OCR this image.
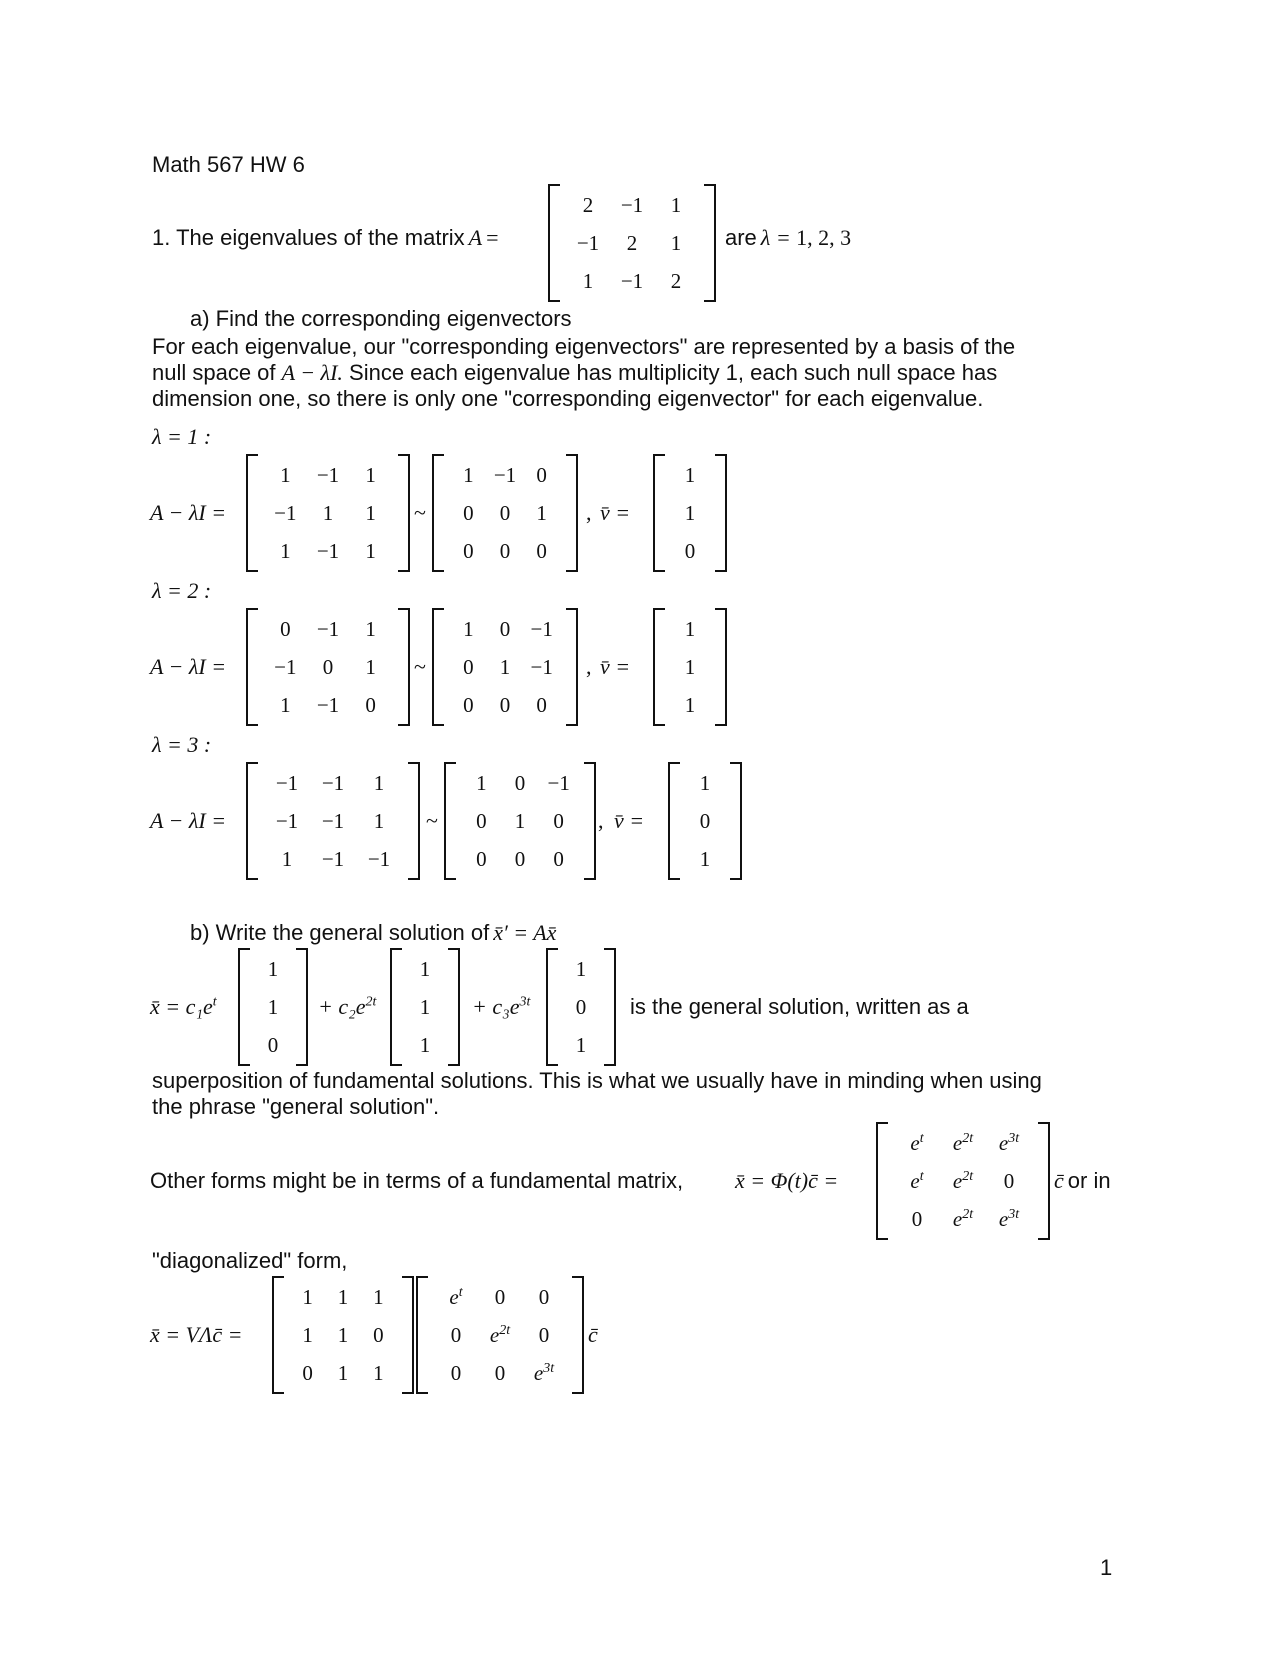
Math 567 HW 6
1. The eigenvalues of the matrix A =
2 −1 1
−1 2 1
1 −1 2
are λ = 1, 2, 3
a) Find the corresponding eigenvectors
For each eigenvalue, our "corresponding eigenvectors" are represented by a basis of the
null space of A − λI. Since each eigenvalue has multiplicity 1, each such null space has
dimension one, so there is only one "corresponding eigenvector" for each eigenvalue.
λ = 1 :
A − λI =
1 −1 1
−1 1 1
1 −1 1
~
1 −1 0
0 0 1
0 0 0
, v̄ =
1
1
0
λ = 2 :
A − λI =
0 −1 1
−1 0 1
1 −1 0
~
1 0 −1
0 1 −1
0 0 0
, v̄ =
1
1
1
λ = 3 :
A − λI =
−1 −1 1
−1 −1 1
1 −1 −1
~
1 0 −1
0 1 0
0 0 0
, v̄ =
1
0
1
b) Write the general solution of x̄′ = Ax̄
x̄ = $c_1e^t$
1
1
0
+ $c_2e^{2t}$
1
1
1
+ $c_3e^{3t}$
1
0
1
is the general solution, written as a
superposition of fundamental solutions. This is what we usually have in minding when using
the phrase "general solution".
Other forms might be in terms of a fundamental matrix, x̄ = Φ(t)c̄ =
$e^t$ $e^{2t}$ $e^{3t}$
$e^t$ $e^{2t}$ 0
0 $e^{2t}$ $e^{3t}$
c̄ or in
"diagonalized" form,
x̄ = VΛc̄ =
1 1 1
1 1 0
0 1 1
$e^t$ 0 0
0 $e^{2t}$ 0
0 0 $e^{3t}$
c̄
1
